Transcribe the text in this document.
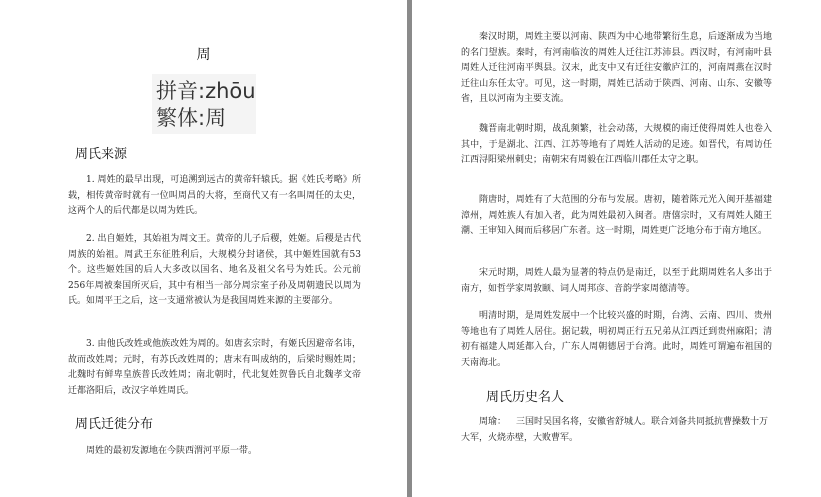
周
拼音:zhōu
繁体:周
周氏来源
1. 周姓的最早出现，可追溯到远古的黄帝轩辕氏。据《姓氏考略》所载，相传黄帝时就有一位叫周昌的大将，至商代又有一名叫周任的太史，这两个人的后代都是以周为姓氏。
2. 出自姬姓，其始祖为周文王。黄帝的儿子后稷，姓姬。后稷是古代周族的始祖。周武王东征胜利后，大规模分封诸侯，其中姬姓国就有53个。这些姬姓国的后人大多改以国名、地名及祖父名号为姓氏。公元前256年周被秦国所灭后，其中有相当一部分周宗室子孙及周朝遗民以周为氏。如周平王之后，这一支通常被认为是我国周姓来源的主要部分。
3. 由他氏改姓或他族改姓为周的。如唐玄宗时，有姬氏因避帝名讳，故而改姓周；元时，有苏氏改姓周的；唐末有叫成纳的，后梁时赐姓周；北魏时有鲜卑皇族普氏改姓周；南北朝时，代北复姓贺鲁氏自北魏孝文帝迁都洛阳后，改汉字单姓周氏。
周氏迁徙分布
周姓的最初发源地在今陕西渭河平原一带。
秦汉时期，周姓主要以河南、陕西为中心地带繁衍生息，后逐渐成为当地的名门望族。秦时，有河南临汝的周姓人迁往江苏沛县。西汉时，有河南叶县周姓人迁往河南平舆县。汉末，此支中又有迁往安徽庐江的，河南周燕在汉时迁往山东任太守。可见，这一时期，周姓已活动于陕西、河南、山东、安徽等省，且以河南为主要支流。
魏晋南北朝时期，战乱频繁，社会动荡，大规模的南迁使得周姓人也卷入其中，于是湖北、江西、江苏等地有了周姓人活动的足迹。如晋代，有周访任江西浔阳梁州刺史；南朝宋有周毅在江西临川郡任太守之职。
隋唐时，周姓有了大范围的分布与发展。唐初，随着陈元光入闽开基福建漳州，周姓族人有加入者，此为周姓最初入闽者。唐僖宗时，又有周姓人随王潮、王审知入闽而后移居广东者。这一时期，周姓更广泛地分布于南方地区。
宋元时期，周姓人最为显著的特点仍是南迁，以至于此期周姓名人多出于南方，如哲学家周敦颐、词人周邦彦、音韵学家周德清等。
明清时期，是周姓发展中一个比较兴盛的时期，台湾、云南、四川、贵州等地也有了周姓人居住。据记载，明初周正行五兄弟从江西迁到贵州麻阳；清初有福建人周延都入台，广东人周朝德居于台湾。此时，周姓可谓遍布祖国的天南海北。
周氏历史名人
周瑜： 三国时吴国名将，安徽省舒城人。联合刘备共同抵抗曹操数十万大军，火烧赤壁，大败曹军。
